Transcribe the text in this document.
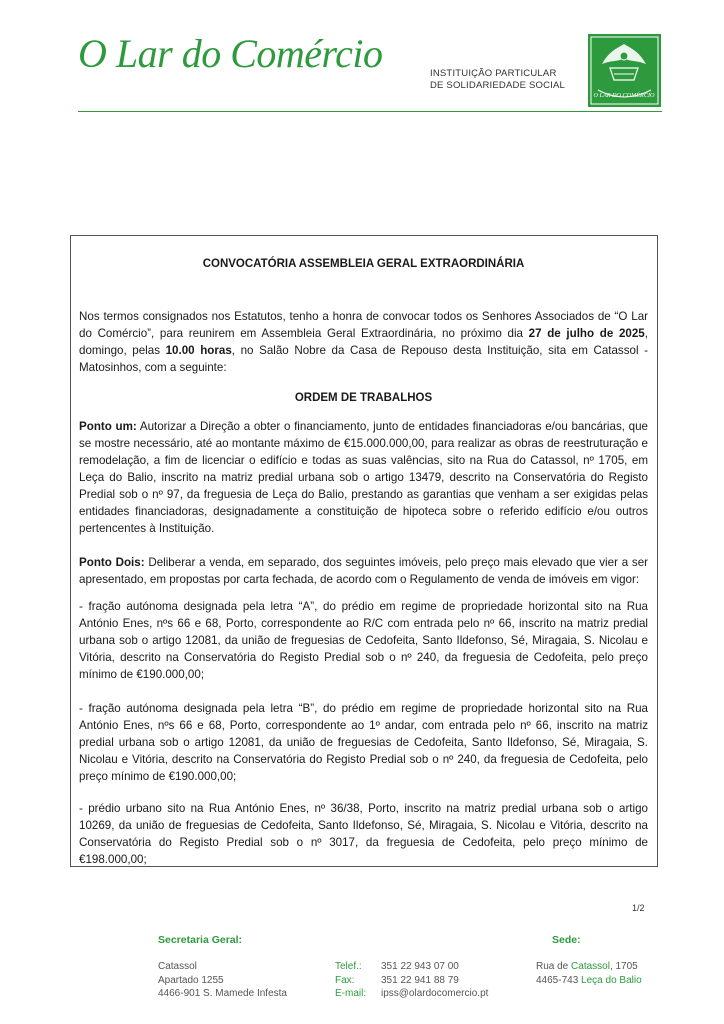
O Lar do Comércio	INSTITUIÇÃO PARTICULAR
DE SOLIDARIEDADE SOCIAL
O LAR DO COMÉRCIO
CONVOCATÓRIA ASSEMBLEIA GERAL EXTRAORDINÁRIA

Nos termos consignados nos Estatutos, tenho a honra de convocar todos os Senhores Associados de “O Lar do Comércio”, para reunirem em Assembleia Geral Extraordinária, no próximo dia 27 de julho de 2025, domingo, pelas 10.00 horas, no Salão Nobre da Casa de Repouso desta Instituição, sita em Catassol - Matosinhos, com a seguinte:

ORDEM DE TRABALHOS

Ponto um: Autorizar a Direção a obter o financiamento, junto de entidades financiadoras e/ou bancárias, que se mostre necessário, até ao montante máximo de €15.000.000,00, para realizar as obras de reestruturação e remodelação, a fim de licenciar o edifício e todas as suas valências, sito na Rua do Catassol, nº 1705, em Leça do Balio, inscrito na matriz predial urbana sob o artigo 13479, descrito na Conservatória do Registo Predial sob o nº 97, da freguesia de Leça do Balio, prestando as garantias que venham a ser exigidas pelas entidades financiadoras, designadamente a constituição de hipoteca sobre o referido edifício e/ou outros pertencentes à Instituição.

Ponto Dois: Deliberar a venda, em separado, dos seguintes imóveis, pelo preço mais elevado que vier a ser apresentado, em propostas por carta fechada, de acordo com o Regulamento de venda de imóveis em vigor:

- fração autónoma designada pela letra “A”, do prédio em regime de propriedade horizontal sito na Rua António Enes, nºs 66 e 68, Porto, correspondente ao R/C com entrada pelo nº 66, inscrito na matriz predial urbana sob o artigo 12081, da união de freguesias de Cedofeita, Santo Ildefonso, Sé, Miragaia, S. Nicolau e Vitória, descrito na Conservatória do Registo Predial sob o nº 240, da freguesia de Cedofeita, pelo preço mínimo de €190.000,00;

- fração autónoma designada pela letra “B”, do prédio em regime de propriedade horizontal sito na Rua António Enes, nºs 66 e 68, Porto, correspondente ao 1º andar, com entrada pelo nº 66, inscrito na matriz predial urbana sob o artigo 12081, da união de freguesias de Cedofeita, Santo Ildefonso, Sé, Miragaia, S. Nicolau e Vitória, descrito na Conservatória do Registo Predial sob o nº 240, da freguesia de Cedofeita, pelo preço mínimo de €190.000,00;

- prédio urbano sito na Rua António Enes, nº 36/38, Porto, inscrito na matriz predial urbana sob o artigo 10269, da união de freguesias de Cedofeita, Santo Ildefonso, Sé, Miragaia, S. Nicolau e Vitória, descrito na Conservatória do Registo Predial sob o nº 3017, da freguesia de Cedofeita, pelo preço mínimo de €198.000,00;

1/2
Secretaria Geral:
Catassol
Apartado 1255
4466-901 S. Mamede Infesta
Telef.:	351 22 943 07 00
Fax:	351 22 941 88 79
E-mail:	ipss@olardocomercio.pt
Sede:
Rua de Catassol, 1705
4465-743 Leça do Balio
